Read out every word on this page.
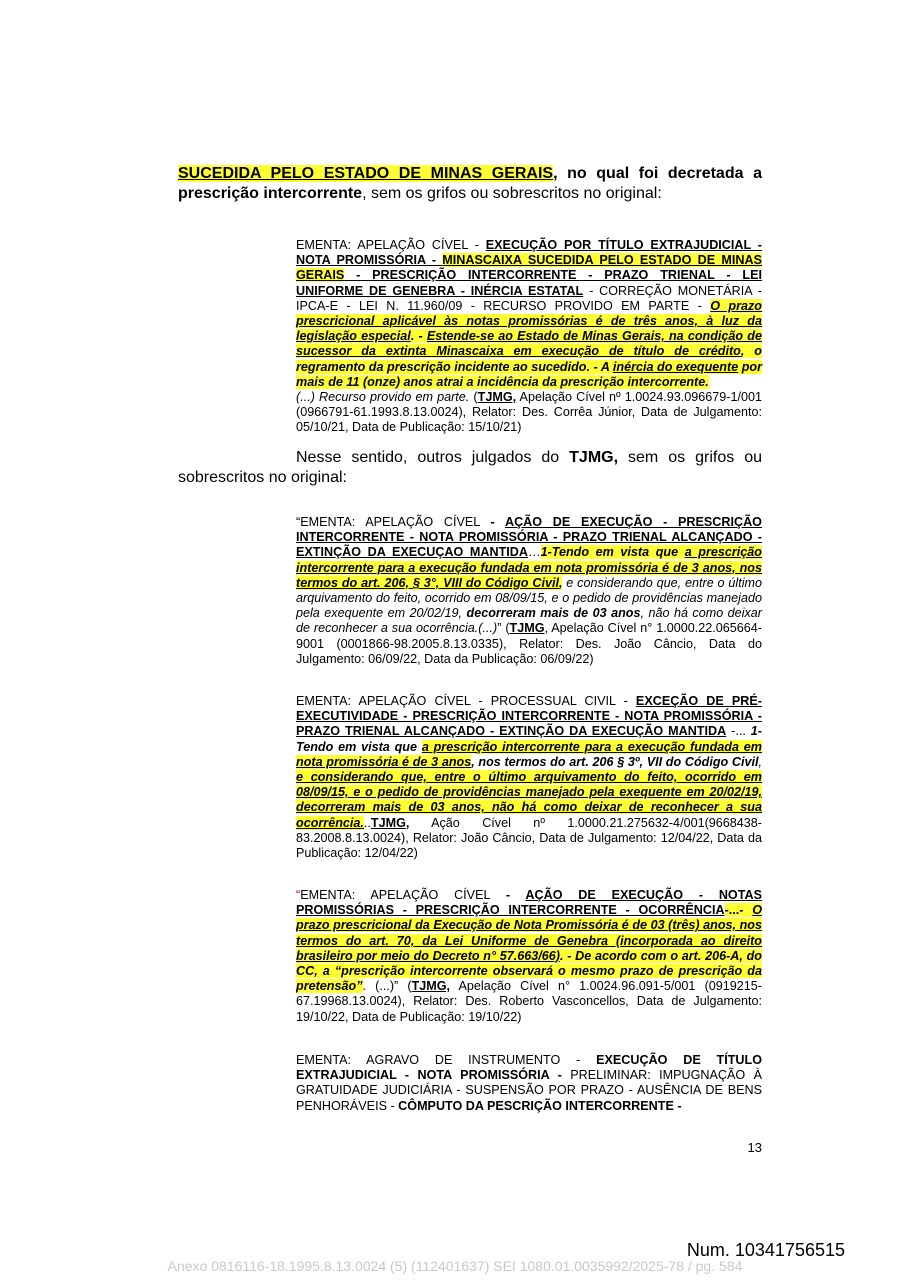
SUCEDIDA PELO ESTADO DE MINAS GERAIS, no qual foi decretada a prescrição intercorrente, sem os grifos ou sobrescritos no original:
EMENTA: APELAÇÃO CÍVEL - EXECUÇÃO POR TÍTULO EXTRAJUDICIAL - NOTA PROMISSÓRIA - MINASCAIXA SUCEDIDA PELO ESTADO DE MINAS GERAIS - PRESCRIÇÃO INTERCORRENTE - PRAZO TRIENAL - LEI UNIFORME DE GENEBRA - INÉRCIA ESTATAL - CORREÇÃO MONETÁRIA - IPCA-E - LEI N. 11.960/09 - RECURSO PROVIDO EM PARTE - O prazo prescricional aplicável às notas promissórias é de três anos, à luz da legislação especial. - Estende-se ao Estado de Minas Gerais, na condição de sucessor da extinta Minascaixa em execução de título de crédito, o regramento da prescrição incidente ao sucedido. - A inércia do exequente por mais de 11 (onze) anos atrai a incidência da prescrição intercorrente.
(...) Recurso provido em parte. (TJMG, Apelação Cível nº 1.0024.93.096679-1/001 (0966791-61.1993.8.13.0024), Relator: Des. Corrêa Júnior, Data de Julgamento: 05/10/21, Data de Publicação: 15/10/21)
Nesse sentido, outros julgados do TJMG, sem os grifos ou sobrescritos no original:
“EMENTA: APELAÇÃO CÍVEL - AÇÃO DE EXECUÇÃO - PRESCRIÇÃO INTERCORRENTE - NOTA PROMISSÓRIA - PRAZO TRIENAL ALCANÇADO - EXTINÇÃO DA EXECUÇAO MANTIDA…1-Tendo em vista que a prescrição intercorrente para a execução fundada em nota promissória é de 3 anos, nos termos do art. 206, § 3°, VIII do Código Civil, e considerando que, entre o último arquivamento do feito, ocorrido em 08/09/15, e o pedido de providências manejado pela exequente em 20/02/19, decorreram mais de 03 anos, não há como deixar de reconhecer a sua ocorrência.(...)” (TJMG, Apelação Cível n° 1.0000.22.065664-9001 (0001866-98.2005.8.13.0335), Relator: Des. João Câncio, Data do Julgamento: 06/09/22, Data da Publicação: 06/09/22)
EMENTA: APELAÇÃO CÍVEL - PROCESSUAL CIVIL - EXCEÇÃO DE PRÉ-EXECUTIVIDADE - PRESCRIÇÃO INTERCORRENTE - NOTA PROMISSÓRIA - PRAZO TRIENAL ALCANÇADO - EXTINÇÃO DA EXECUÇÃO MANTIDA -... 1- Tendo em vista que a prescrição intercorrente para a execução fundada em nota promissória é de 3 anos, nos termos do art. 206 § 3º, VII do Código Civil, e considerando que, entre o último arquivamento do feito, ocorrido em 08/09/15, e o pedido de providências manejado pela exequente em 20/02/19, decorreram mais de 03 anos, não há como deixar de reconhecer a sua ocorrência...TJMG, Ação Cível nº 1.0000.21.275632-4/001(9668438-83.2008.8.13.0024), Relator: João Câncio, Data de Julgamento: 12/04/22, Data da Publicação: 12/04/22)
“EMENTA: APELAÇÃO CÍVEL - AÇÃO DE EXECUÇÃO - NOTAS PROMISSÓRIAS - PRESCRIÇÃO INTERCORRENTE - OCORRÊNCIA-...- O prazo prescricional da Execução de Nota Promissória é de 03 (três) anos, nos termos do art. 70, da Lei Uniforme de Genebra (incorporada ao direito brasileiro por meio do Decreto n° 57.663/66). - De acordo com o art. 206-A, do CC, a “prescrição intercorrente observará o mesmo prazo de prescrição da pretensão”. (...)” (TJMG, Apelação Cível n° 1.0024.96.091-5/001 (0919215-67.19968.13.0024), Relator: Des. Roberto Vasconcellos, Data de Julgamento: 19/10/22, Data de Publicação: 19/10/22)
EMENTA: AGRAVO DE INSTRUMENTO - EXECUÇÃO DE TÍTULO EXTRAJUDICIAL - NOTA PROMISSÓRIA - PRELIMINAR: IMPUGNAÇÃO À GRATUIDADE JUDICIÁRIA - SUSPENSÃO POR PRAZO - AUSÊNCIA DE BENS PENHORÁVEIS - CÔMPUTO DA PESCRIÇÃO INTERCORRENTE -
13
Num. 10341756515
Anexo 0816116-18.1995.8.13.0024 (5) (112401637) SEI 1080.01.0035992/2025-78 / pg. 584
